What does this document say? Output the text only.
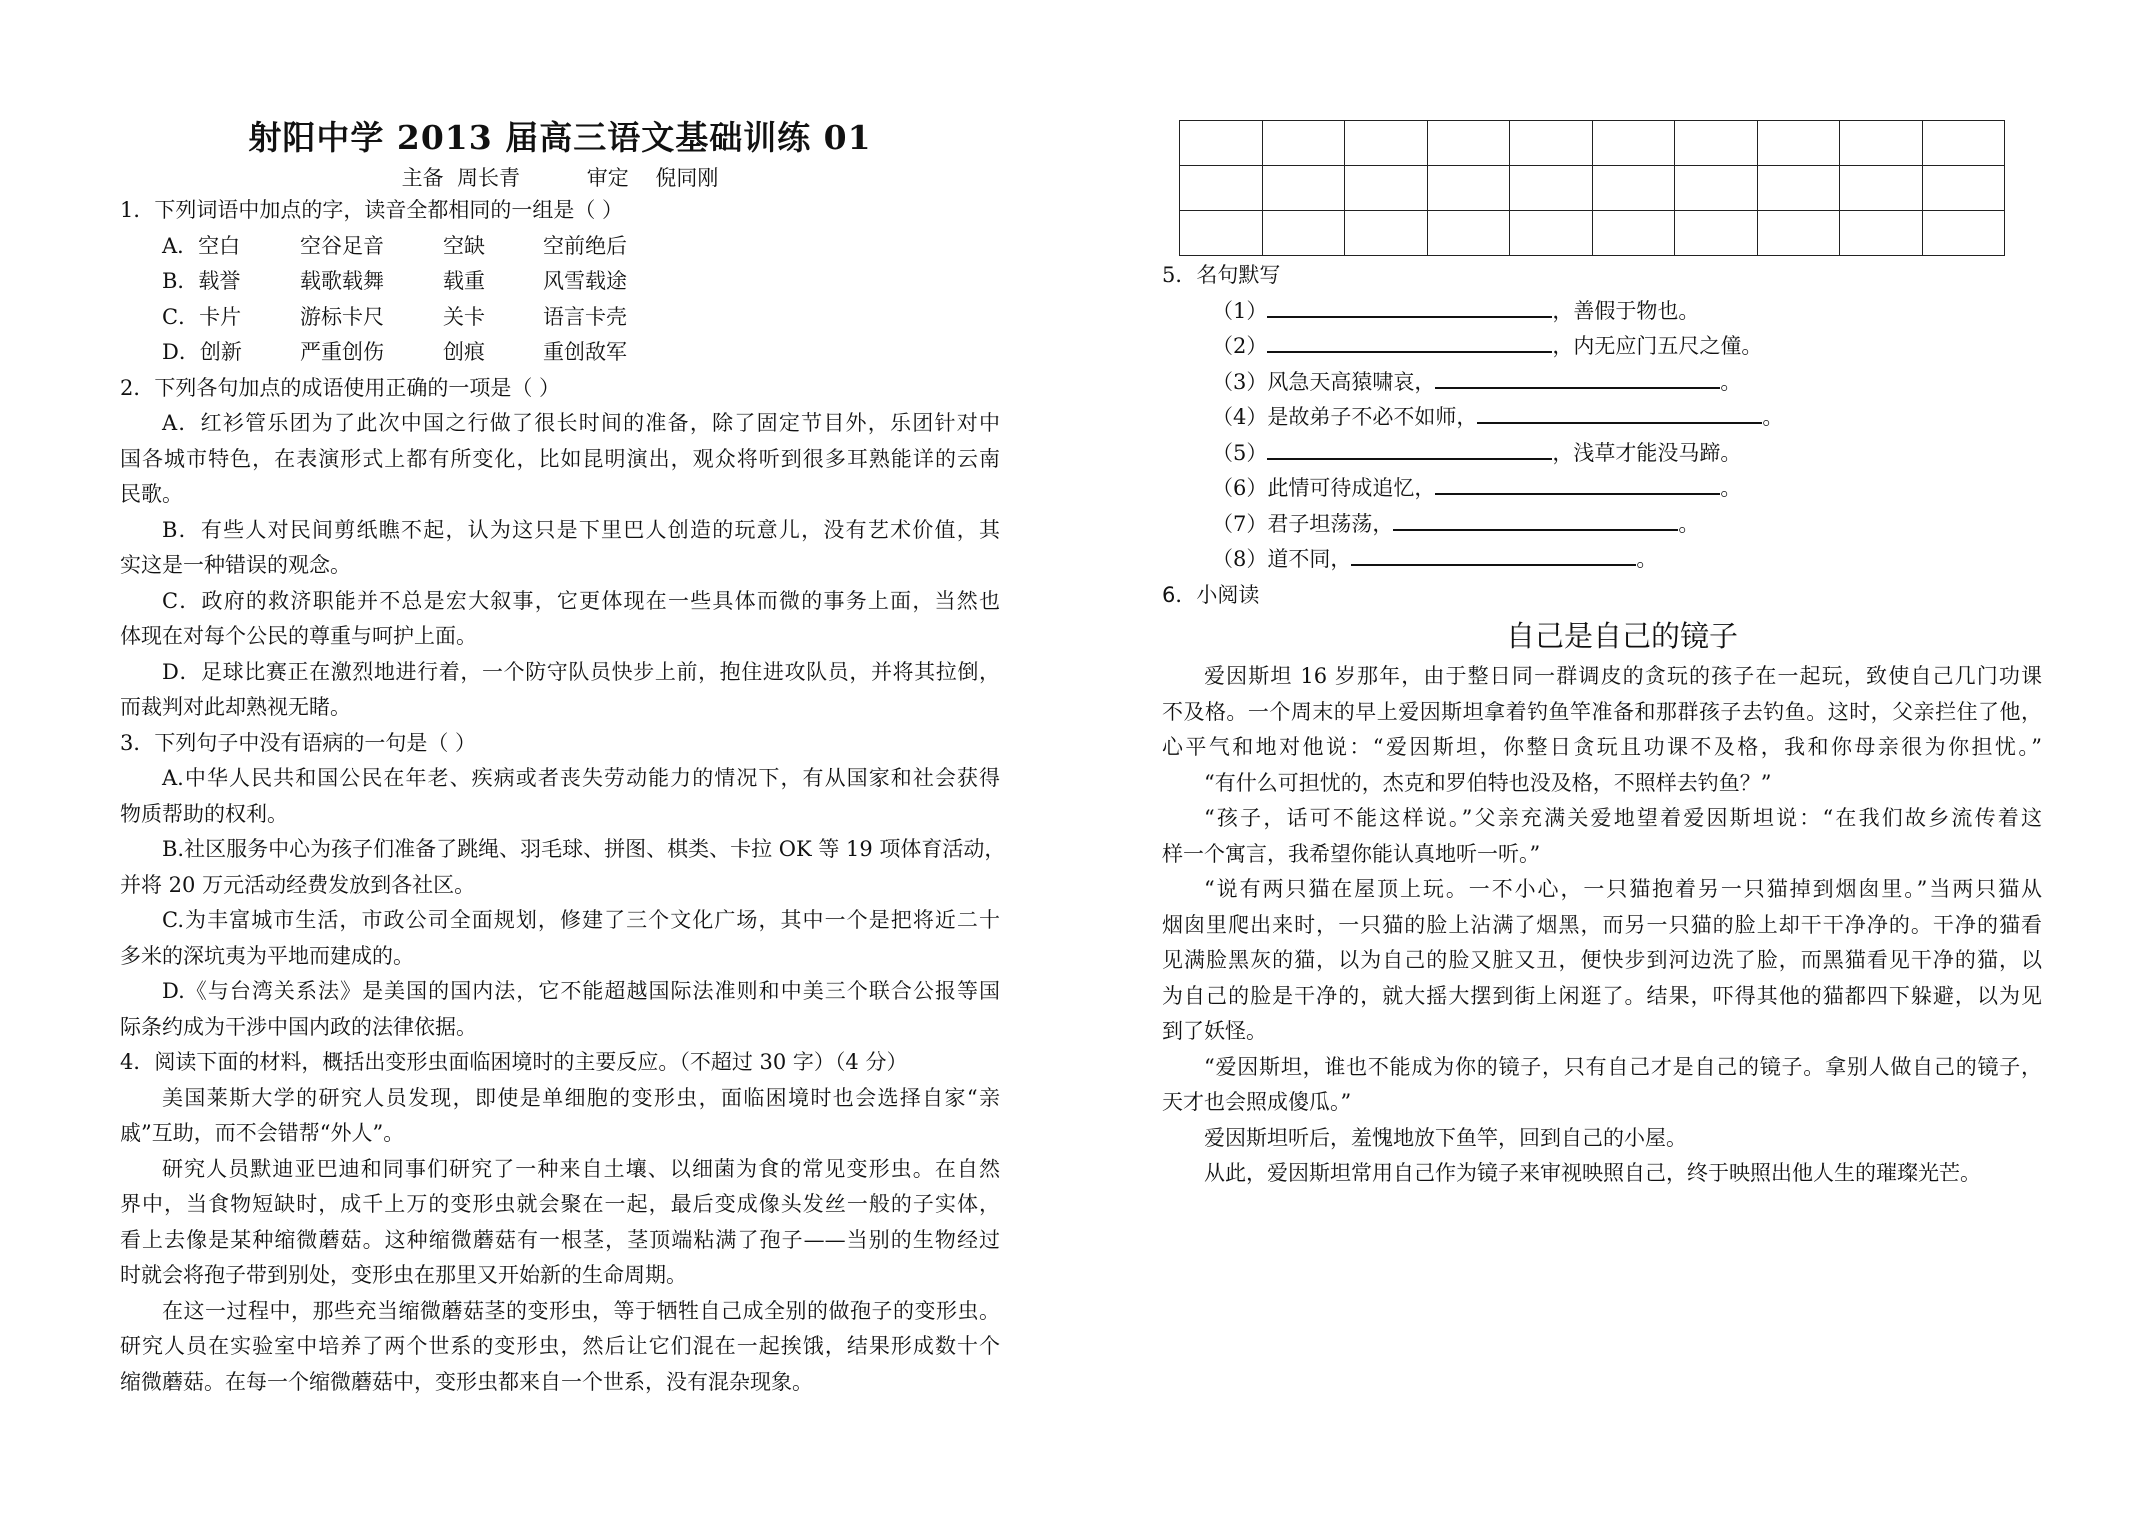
射阳中学 2013 届高三语文基础训练 01
主备  周长青          审定    倪同刚
1．下列词语中加点的字，读音全都相同的一组是（ ）
A．空白	空谷足音	空缺	空前绝后
B．载誉	载歌载舞	载重	风雪载途
C．卡片	游标卡尺	关卡	语言卡壳
D．创新	严重创伤	创痕	重创敌军
2．下列各句加点的成语使用正确的一项是（ ）
A．红衫管乐团为了此次中国之行做了很长时间的准备，除了固定节目外，乐团针对中
国各城市特色，在表演形式上都有所变化，比如昆明演出，观众将听到很多耳熟能详的云南
民歌。
B．有些人对民间剪纸瞧不起，认为这只是下里巴人创造的玩意儿，没有艺术价值，其
实这是一种错误的观念。
C．政府的救济职能并不总是宏大叙事，它更体现在一些具体而微的事务上面，当然也
体现在对每个公民的尊重与呵护上面。
D．足球比赛正在激烈地进行着，一个防守队员快步上前，抱住进攻队员，并将其拉倒，
而裁判对此却熟视无睹。
3．下列句子中没有语病的一句是（ ）
A.中华人民共和国公民在年老、疾病或者丧失劳动能力的情况下，有从国家和社会获得
物质帮助的权利。
B.社区服务中心为孩子们准备了跳绳、羽毛球、拼图、棋类、卡拉 OK 等 19 项体育活动，
并将 20 万元活动经费发放到各社区。
C.为丰富城市生活，市政公司全面规划，修建了三个文化广场，其中一个是把将近二十
多米的深坑夷为平地而建成的。
D.《与台湾关系法》是美国的国内法，它不能超越国际法准则和中美三个联合公报等国
际条约成为干涉中国内政的法律依据。
4．阅读下面的材料，概括出变形虫面临困境时的主要反应。（不超过 30 字）（4 分）
美国莱斯大学的研究人员发现，即使是单细胞的变形虫，面临困境时也会选择自家“亲
戚”互助，而不会错帮“外人”。
研究人员默迪亚巴迪和同事们研究了一种来自土壤、以细菌为食的常见变形虫。在自然
界中，当食物短缺时，成千上万的变形虫就会聚在一起，最后变成像头发丝一般的子实体，
看上去像是某种缩微蘑菇。这种缩微蘑菇有一根茎，茎顶端粘满了孢子——当别的生物经过
时就会将孢子带到别处，变形虫在那里又开始新的生命周期。
在这一过程中，那些充当缩微蘑菇茎的变形虫，等于牺牲自己成全别的做孢子的变形虫。
研究人员在实验室中培养了两个世系的变形虫，然后让它们混在一起挨饿，结果形成数十个
缩微蘑菇。在每一个缩微蘑菇中，变形虫都来自一个世系，没有混杂现象。

5．名句默写
（1）	，善假于物也。
（2）	，内无应门五尺之僮。
（3） 风急天高猿啸哀，	。
（4） 是故弟子不必不如师，	。
（5）	，浅草才能没马蹄。
（6） 此情可待成追忆，	。
（7） 君子坦荡荡，	。
（8） 道不同，	。
6．小阅读
自己是自己的镜子
爱因斯坦 16 岁那年，由于整日同一群调皮的贪玩的孩子在一起玩，致使自己几门功课
不及格。一个周末的早上爱因斯坦拿着钓鱼竿准备和那群孩子去钓鱼。这时，父亲拦住了他，
心平气和地对他说：“爱因斯坦，你整日贪玩且功课不及格，我和你母亲很为你担忧。”
“有什么可担忧的，杰克和罗伯特也没及格，不照样去钓鱼？”
“孩子，话可不能这样说。”父亲充满关爱地望着爱因斯坦说：“在我们故乡流传着这
样一个寓言，我希望你能认真地听一听。”
“说有两只猫在屋顶上玩。一不小心，一只猫抱着另一只猫掉到烟囱里。”当两只猫从
烟囱里爬出来时，一只猫的脸上沾满了烟黑，而另一只猫的脸上却干干净净的。干净的猫看
见满脸黑灰的猫，以为自己的脸又脏又丑，便快步到河边洗了脸，而黑猫看见干净的猫，以
为自己的脸是干净的，就大摇大摆到街上闲逛了。结果，吓得其他的猫都四下躲避，以为见
到了妖怪。
“爱因斯坦，谁也不能成为你的镜子，只有自己才是自己的镜子。拿别人做自己的镜子，
天才也会照成傻瓜。”
爱因斯坦听后，羞愧地放下鱼竿，回到自己的小屋。
从此，爱因斯坦常用自己作为镜子来审视映照自己，终于映照出他人生的璀璨光芒。
